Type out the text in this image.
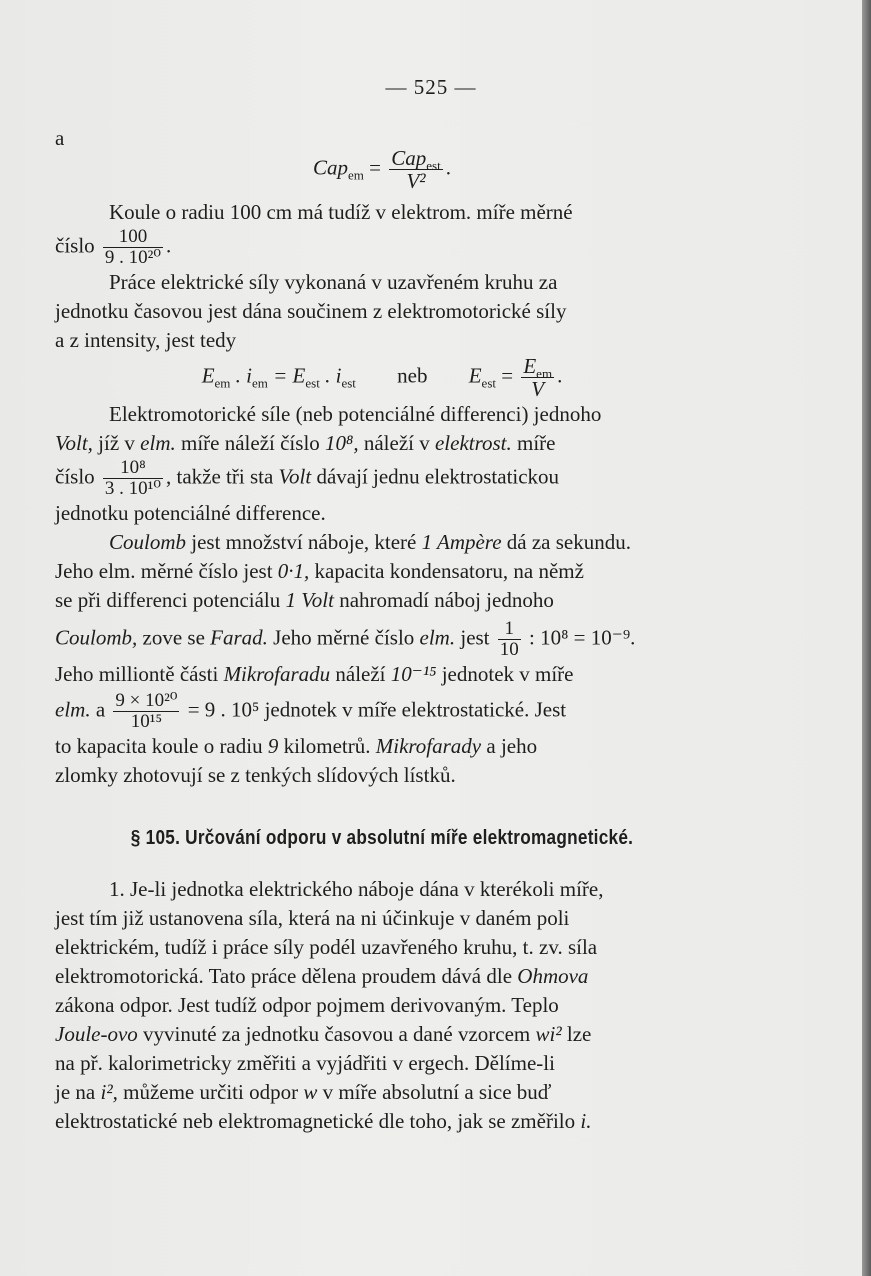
— 525 —

a

$Cap_{em} = \frac{Cap_{est}}{\text{V²}}$ .

Koule o radiu 100 cm má tudíž v elektrom. míře měrné

číslo $\frac{100}{\text{9 . 10²⁰}}$ .

Práce elektrické síly vykonaná v uzavřeném kruhu za

jednotku časovou jest dána součinem z elektromotorické síly

a z intensity, jest tedy

$E_{em}$ . $i_{em} = E_{est}$ . $i_{est}$ neb $E_{est} = \frac{E_{em}}{V}$ .

Elektromotorické síle (neb potenciálné differenci) jednoho

Volt, jíž v elm. míře náleží číslo 10⁸, náleží v elektrost. míře

číslo $\frac{\text{10⁸}}{\text{3 . 10¹⁰}}$ , takže tři sta Volt dávají jednu elektrostatickou

jednotku potenciálné difference.

Coulomb jest množství náboje, které 1 Ampère dá za sekundu.

Jeho elm. měrné číslo jest 0·1, kapacita kondensatoru, na němž

se při differenci potenciálu 1 Volt nahromadí náboj jednoho

Coulomb, zove se Farad. Jeho měrné číslo elm. jest $\frac{1}{10}$ : 10⁸ = 10⁻⁹.

Jeho milliontě části Mikrofaradu náleží 10⁻¹⁵ jednotek v míře

elm. a $\frac{\text{9 × 10²⁰}}{\text{10¹⁵}} = 9$ . 10⁵ jednotek v míře elektrostatické. Jest

to kapacita koule o radiu 9 kilometrů. Mikrofarady a jeho

zlomky zhotovují se z tenkých slídových lístků.

§ 105. Určování odporu v absolutní míře elektromagnetické.

1. Je-li jednotka elektrického náboje dána v kterékoli míře,

jest tím již ustanovena síla, která na ni účinkuje v daném poli

elektrickém, tudíž i práce síly podél uzavřeného kruhu, t. zv. síla

elektromotorická. Tato práce dělena proudem dává dle Ohmova

zákona odpor. Jest tudíž odpor pojmem derivovaným. Teplo

Joule-ovo vyvinuté za jednotku časovou a dané vzorcem wi² lze

na př. kalorimetricky změřiti a vyjádřiti v ergech. Dělíme-li

je na i², můžeme určiti odpor w v míře absolutní a sice buď

elektrostatické neb elektromagnetické dle toho, jak se změřilo i.
